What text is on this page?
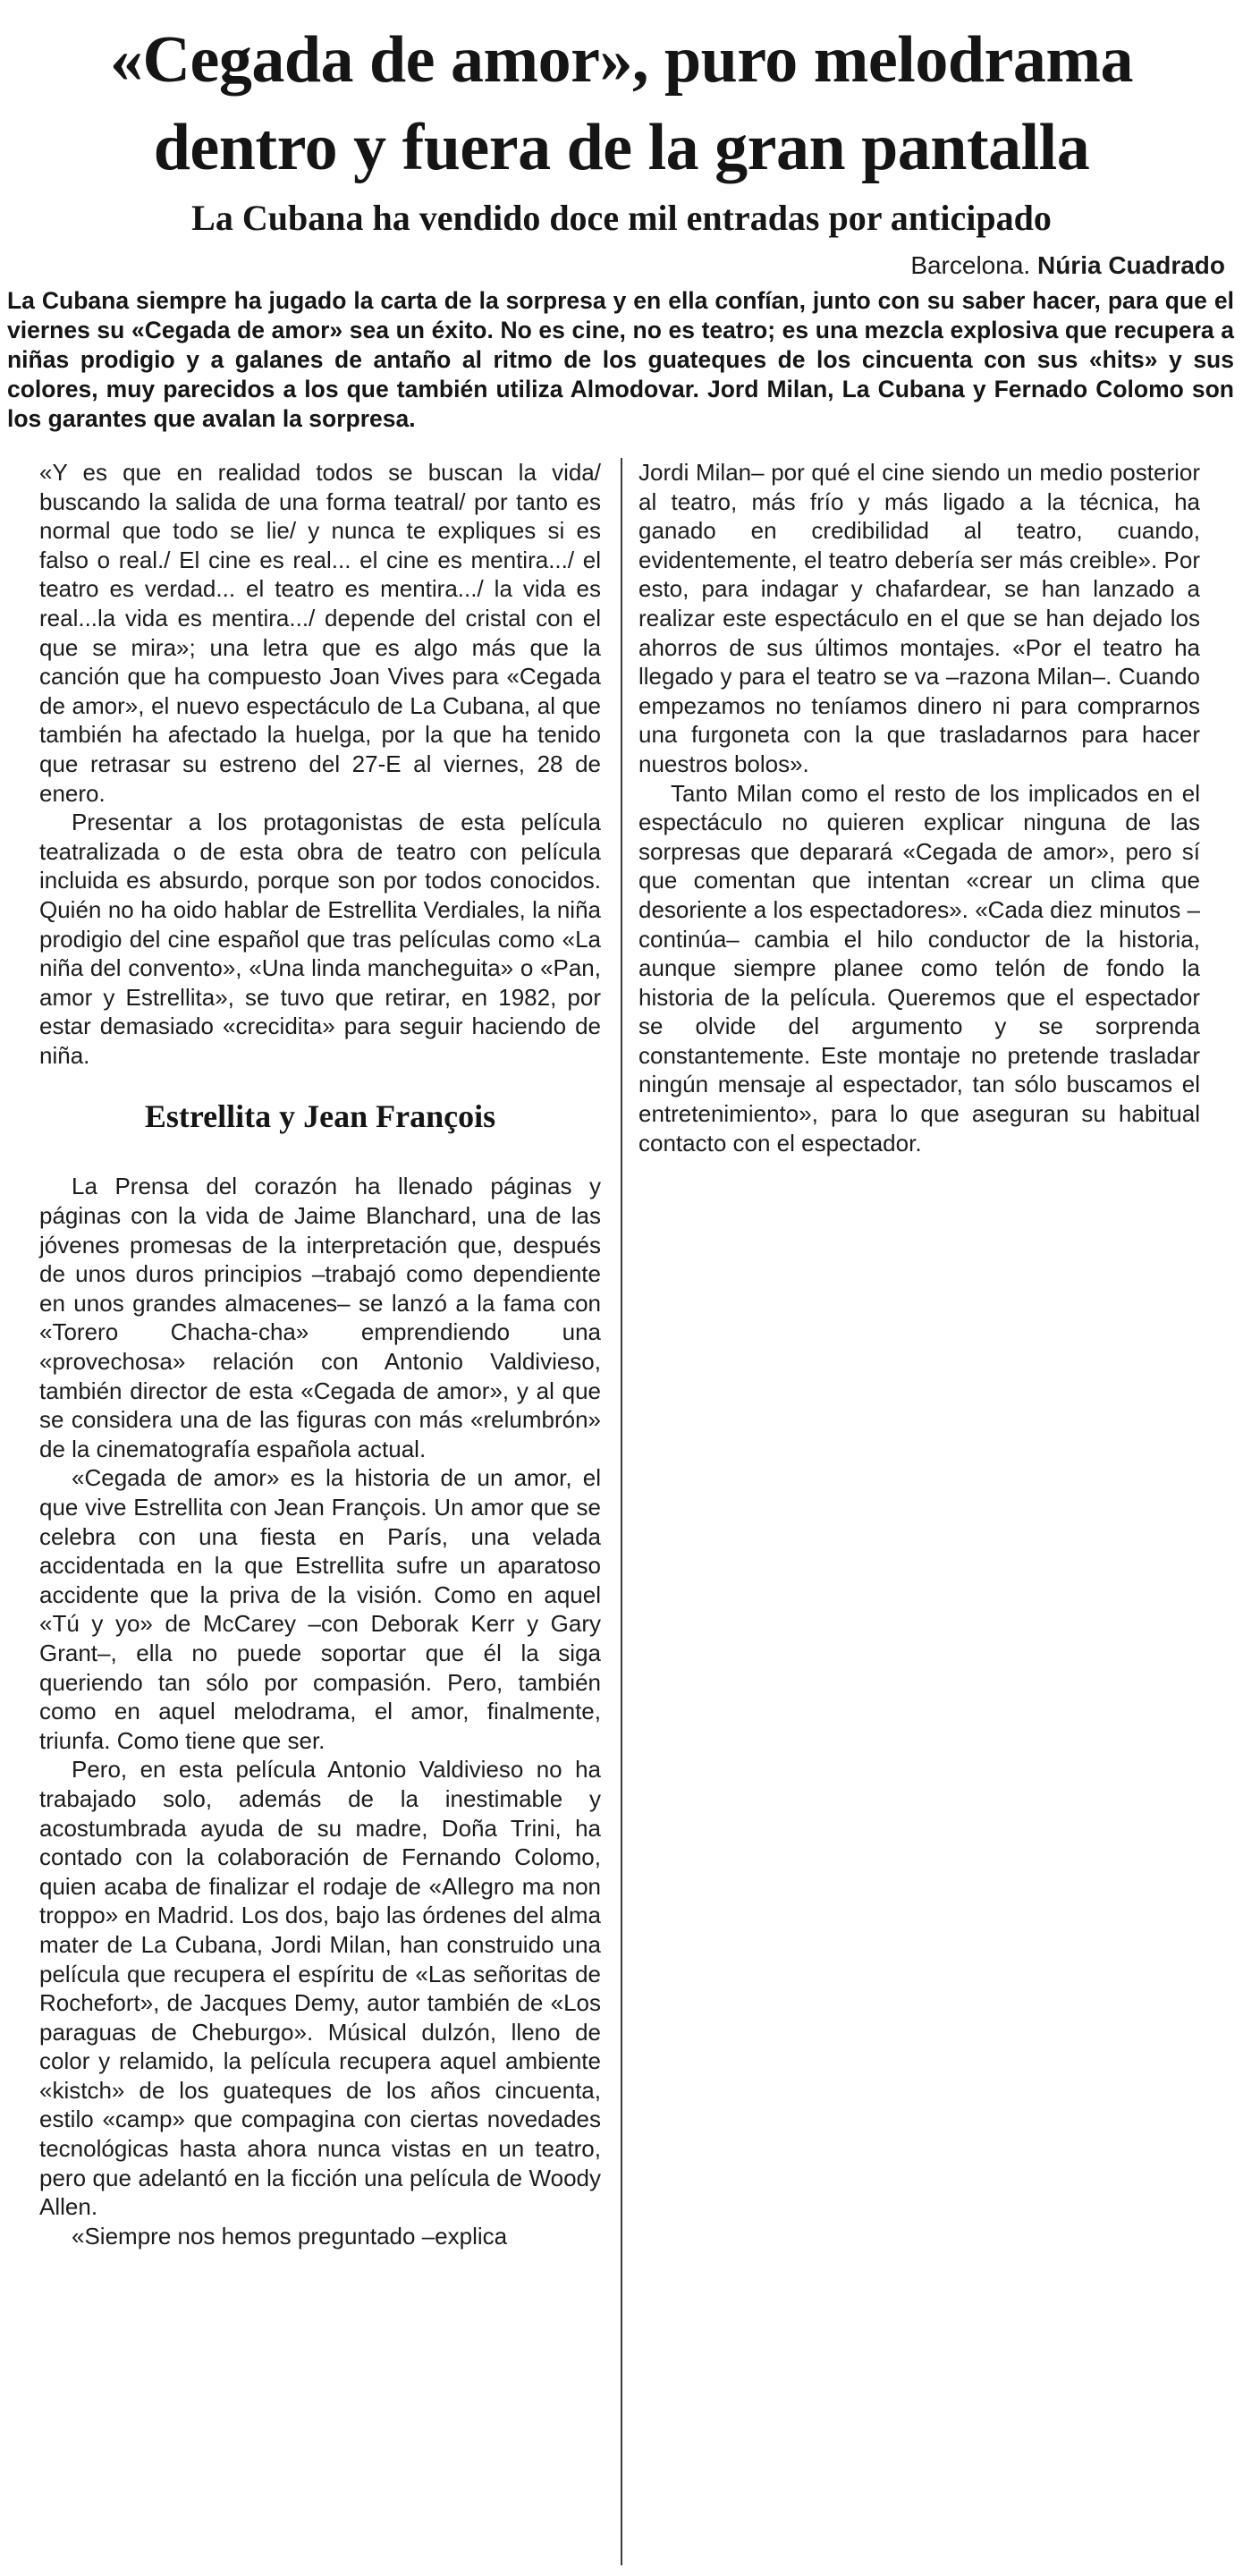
«Cegada de amor», puro melodrama
dentro y fuera de la gran pantalla
La Cubana ha vendido doce mil entradas por anticipado
Barcelona. Núria Cuadrado

La Cubana siempre ha jugado la carta de la sorpresa y en ella confían, junto con su saber hacer, para que el viernes su «Cegada de amor» sea un éxito. No es cine, no es teatro; es una mezcla explosiva que recupera a niñas prodigio y a galanes de antaño al ritmo de los guateques de los cincuenta con sus «hits» y sus colores, muy parecidos a los que también utiliza Almodovar. Jord Milan, La Cubana y Fernado Colomo son los garantes que avalan la sorpresa.

«Y es que en realidad todos se buscan la vida/ buscando la salida de una forma teatral/ por tanto es normal que todo se lie/ y nunca te expliques si es falso o real./ El cine es real... el cine es mentira.../ el teatro es verdad... el teatro es mentira.../ la vida es real...la vida es mentira.../ depende del cristal con el que se mira»; una letra que es algo más que la canción que ha compuesto Joan Vives para «Cegada de amor», el nuevo espectáculo de La Cubana, al que también ha afectado la huelga, por la que ha tenido que retrasar su estreno del 27-E al viernes, 28 de enero.

Presentar a los protagonistas de esta película teatralizada o de esta obra de teatro con película incluida es absurdo, porque son por todos conocidos. Quién no ha oido hablar de Estrellita Verdiales, la niña prodigio del cine español que tras películas como «La niña del convento», «Una linda mancheguita» o «Pan, amor y Estrellita», se tuvo que retirar, en 1982, por estar demasiado «crecidita» para seguir haciendo de niña.

Estrellita y Jean François

La Prensa del corazón ha llenado páginas y páginas con la vida de Jaime Blanchard, una de las jóvenes promesas de la interpretación que, después de unos duros principios –trabajó como dependiente en unos grandes almacenes– se lanzó a la fama con «Torero Chacha-cha» emprendiendo una «provechosa» relación con Antonio Valdivieso, también director de esta «Cegada de amor», y al que se considera una de las figuras con más «relumbrón» de la cinematografía española actual.

«Cegada de amor» es la historia de un amor, el que vive Estrellita con Jean François. Un amor que se celebra con una fiesta en París, una velada accidentada en la que Estrellita sufre un aparatoso accidente que la priva de la visión. Como en aquel «Tú y yo» de McCarey –con Deborak Kerr y Gary Grant–, ella no puede soportar que él la siga queriendo tan sólo por compasión. Pero, también como en aquel melodrama, el amor, finalmente, triunfa. Como tiene que ser.

Pero, en esta película Antonio Valdivieso no ha trabajado solo, además de la inestimable y acostumbrada ayuda de su madre, Doña Trini, ha contado con la colaboración de Fernando Colomo, quien acaba de finalizar el rodaje de «Allegro ma non troppo» en Madrid. Los dos, bajo las órdenes del alma mater de La Cubana, Jordi Milan, han construido una película que recupera el espíritu de «Las señoritas de Rochefort», de Jacques Demy, autor también de «Los paraguas de Cheburgo». Músical dulzón, lleno de color y relamido, la película recupera aquel ambiente «kistch» de los guateques de los años cincuenta, estilo «camp» que compagina con ciertas novedades tecnológicas hasta ahora nunca vistas en un teatro, pero que adelantó en la ficción una película de Woody Allen.

«Siempre nos hemos preguntado –explica

Jordi Milan– por qué el cine siendo un medio posterior al teatro, más frío y más ligado a la técnica, ha ganado en credibilidad al teatro, cuando, evidentemente, el teatro debería ser más creible». Por esto, para indagar y chafardear, se han lanzado a realizar este espectáculo en el que se han dejado los ahorros de sus últimos montajes. «Por el teatro ha llegado y para el teatro se va –razona Milan–. Cuando empezamos no teníamos dinero ni para comprarnos una furgoneta con la que trasladarnos para hacer nuestros bolos».

Tanto Milan como el resto de los implicados en el espectáculo no quieren explicar ninguna de las sorpresas que deparará «Cegada de amor», pero sí que comentan que intentan «crear un clima que desoriente a los espectadores». «Cada diez minutos –continúa– cambia el hilo conductor de la historia, aunque siempre planee como telón de fondo la historia de la película. Queremos que el espectador se olvide del argumento y se sorprenda constantemente. Este montaje no pretende trasladar ningún mensaje al espectador, tan sólo buscamos el entretenimiento», para lo que aseguran su habitual contacto con el espectador.
